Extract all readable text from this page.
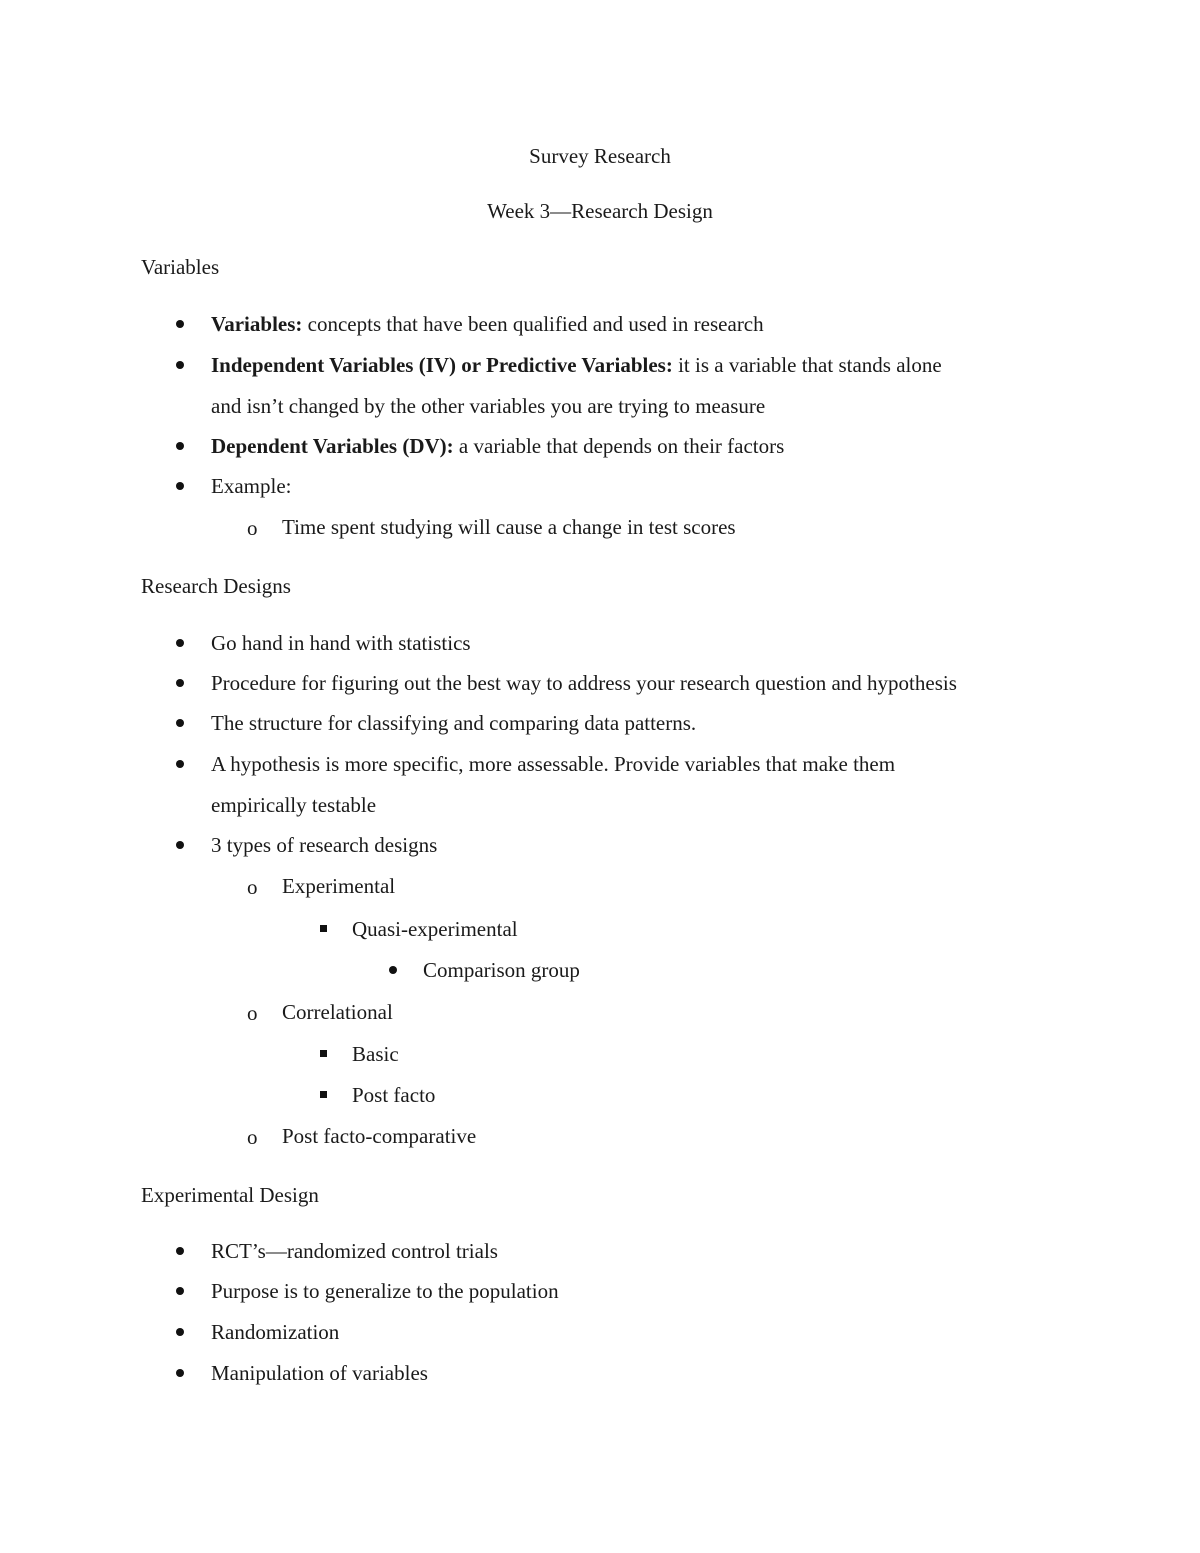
Survey Research
Week 3—Research Design
Variables
Variables: concepts that have been qualified and used in research
Independent Variables (IV) or Predictive Variables: it is a variable that stands alone
and isn’t changed by the other variables you are trying to measure
Dependent Variables (DV): a variable that depends on their factors
Example:
o Time spent studying will cause a change in test scores
Research Designs
Go hand in hand with statistics
Procedure for figuring out the best way to address your research question and hypothesis
The structure for classifying and comparing data patterns.
A hypothesis is more specific, more assessable. Provide variables that make them
empirically testable
3 types of research designs
o Experimental
Quasi-experimental
Comparison group
o Correlational
Basic
Post facto
o Post facto-comparative
Experimental Design
RCT’s—randomized control trials
Purpose is to generalize to the population
Randomization
Manipulation of variables
